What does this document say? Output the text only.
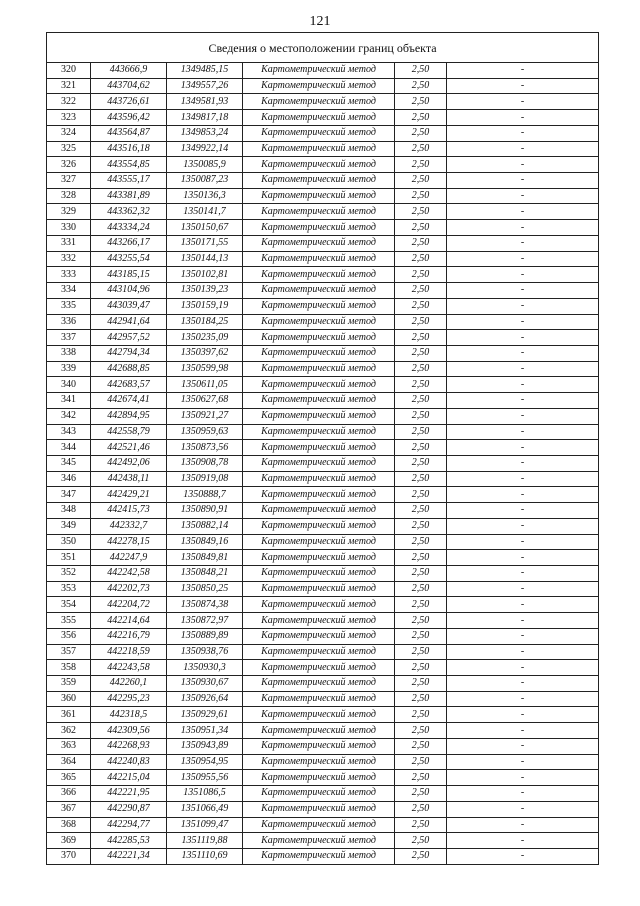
121
Сведения о местоположении границ объекта					
320	443666,9	1349485,15	Картометрический метод	2,50	-
321	443704,62	1349557,26	Картометрический метод	2,50	-
322	443726,61	1349581,93	Картометрический метод	2,50	-
323	443596,42	1349817,18	Картометрический метод	2,50	-
324	443564,87	1349853,24	Картометрический метод	2,50	-
325	443516,18	1349922,14	Картометрический метод	2,50	-
326	443554,85	1350085,9	Картометрический метод	2,50	-
327	443555,17	1350087,23	Картометрический метод	2,50	-
328	443381,89	1350136,3	Картометрический метод	2,50	-
329	443362,32	1350141,7	Картометрический метод	2,50	-
330	443334,24	1350150,67	Картометрический метод	2,50	-
331	443266,17	1350171,55	Картометрический метод	2,50	-
332	443255,54	1350144,13	Картометрический метод	2,50	-
333	443185,15	1350102,81	Картометрический метод	2,50	-
334	443104,96	1350139,23	Картометрический метод	2,50	-
335	443039,47	1350159,19	Картометрический метод	2,50	-
336	442941,64	1350184,25	Картометрический метод	2,50	-
337	442957,52	1350235,09	Картометрический метод	2,50	-
338	442794,34	1350397,62	Картометрический метод	2,50	-
339	442688,85	1350599,98	Картометрический метод	2,50	-
340	442683,57	1350611,05	Картометрический метод	2,50	-
341	442674,41	1350627,68	Картометрический метод	2,50	-
342	442894,95	1350921,27	Картометрический метод	2,50	-
343	442558,79	1350959,63	Картометрический метод	2,50	-
344	442521,46	1350873,56	Картометрический метод	2,50	-
345	442492,06	1350908,78	Картометрический метод	2,50	-
346	442438,11	1350919,08	Картометрический метод	2,50	-
347	442429,21	1350888,7	Картометрический метод	2,50	-
348	442415,73	1350890,91	Картометрический метод	2,50	-
349	442332,7	1350882,14	Картометрический метод	2,50	-
350	442278,15	1350849,16	Картометрический метод	2,50	-
351	442247,9	1350849,81	Картометрический метод	2,50	-
352	442242,58	1350848,21	Картометрический метод	2,50	-
353	442202,73	1350850,25	Картометрический метод	2,50	-
354	442204,72	1350874,38	Картометрический метод	2,50	-
355	442214,64	1350872,97	Картометрический метод	2,50	-
356	442216,79	1350889,89	Картометрический метод	2,50	-
357	442218,59	1350938,76	Картометрический метод	2,50	-
358	442243,58	1350930,3	Картометрический метод	2,50	-
359	442260,1	1350930,67	Картометрический метод	2,50	-
360	442295,23	1350926,64	Картометрический метод	2,50	-
361	442318,5	1350929,61	Картометрический метод	2,50	-
362	442309,56	1350951,34	Картометрический метод	2,50	-
363	442268,93	1350943,89	Картометрический метод	2,50	-
364	442240,83	1350954,95	Картометрический метод	2,50	-
365	442215,04	1350955,56	Картометрический метод	2,50	-
366	442221,95	1351086,5	Картометрический метод	2,50	-
367	442290,87	1351066,49	Картометрический метод	2,50	-
368	442294,77	1351099,47	Картометрический метод	2,50	-
369	442285,53	1351119,88	Картометрический метод	2,50	-
370	442221,34	1351110,69	Картометрический метод	2,50	-
